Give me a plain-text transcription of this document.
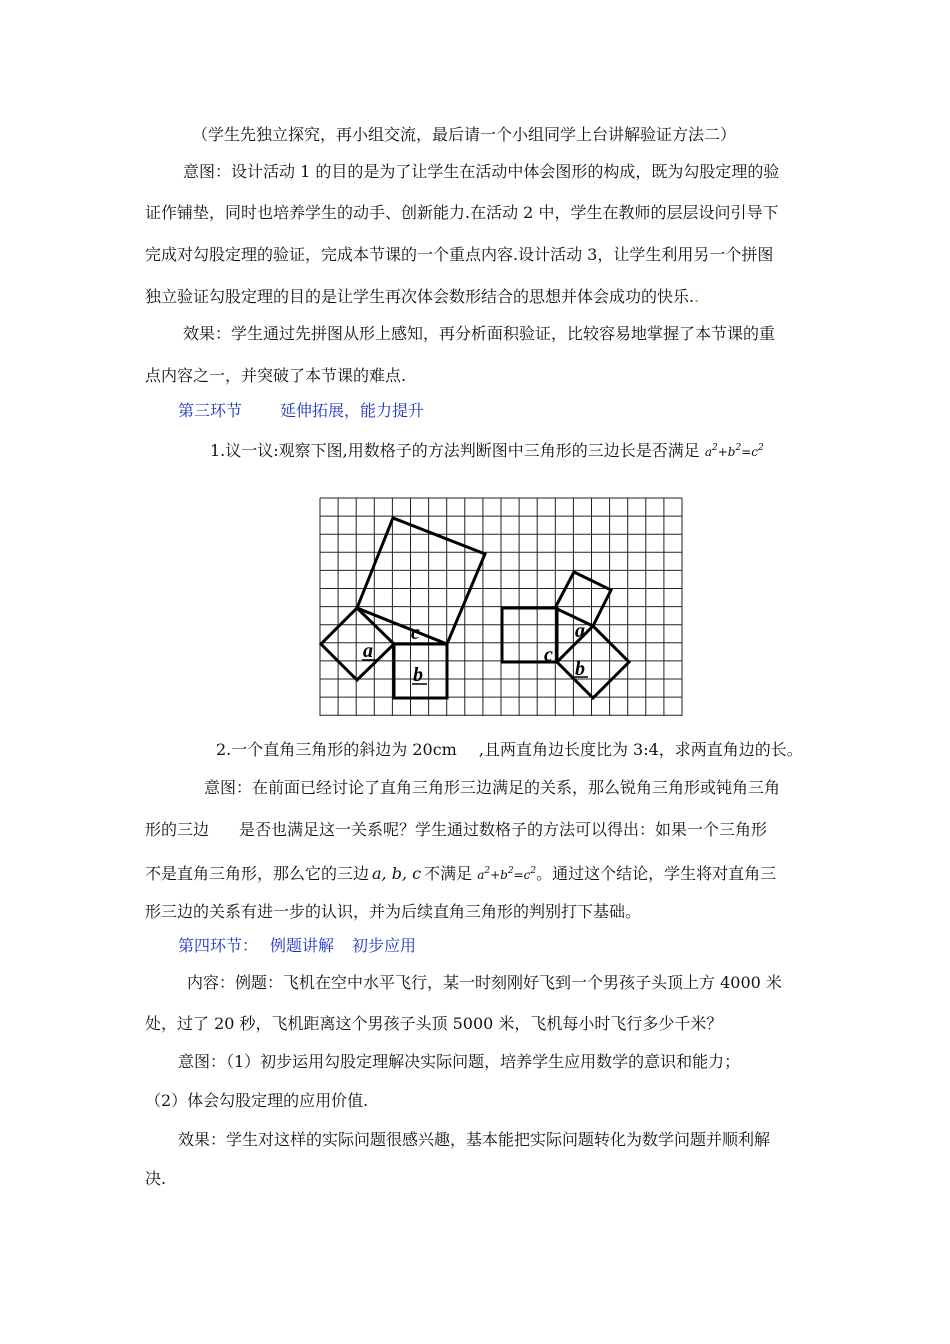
（学生先独立探究，再小组交流，最后请一个小组同学上台讲解验证方法二）
意图：设计活动 1 的目的是为了让学生在活动中体会图形的构成，既为勾股定理的验
证作铺垫，同时也培养学生的动手、创新能力.在活动 2 中，学生在教师的层层设问引导下
完成对勾股定理的验证，完成本节课的一个重点内容.设计活动 3，让学生利用另一个拼图
独立验证勾股定理的目的是让学生再次体会数形结合的思想并体会成功的快乐..
效果：学生通过先拼图从形上感知，再分析面积验证，比较容易地掌握了本节课的重
点内容之一，并突破了本节课的难点.
第三环节 延伸拓展，能力提升
1.议一议:观察下图,用数格子的方法判断图中三角形的三边长是否满足 $a^2+b^2=c^2$
c
a
b
a
c
b
2.一个直角三角形的斜边为 20cm ,且两直角边长度比为 3:4，求两直角边的长。
意图：在前面已经讨论了直角三角形三边满足的关系，那么锐角三角形或钝角三角
形的三边 是否也满足这一关系呢？学生通过数格子的方法可以得出：如果一个三角形
不是直角三角形，那么它的三边 a, b, c 不满足 $a^2+b^2=c^2$。通过这个结论，学生将对直角三
形三边的关系有进一步的认识，并为后续直角三角形的判别打下基础。
第四环节： 例题讲解 初步应用
内容：例题：飞机在空中水平飞行，某一时刻刚好飞到一个男孩子头顶上方 4000 米
处，过了 20 秒，飞机距离这个男孩子头顶 5000 米，飞机每小时飞行多少千米？
意图：（1）初步运用勾股定理解决实际问题，培养学生应用数学的意识和能力；
（2）体会勾股定理的应用价值.
效果：学生对这样的实际问题很感兴趣，基本能把实际问题转化为数学问题并顺利解
决.
